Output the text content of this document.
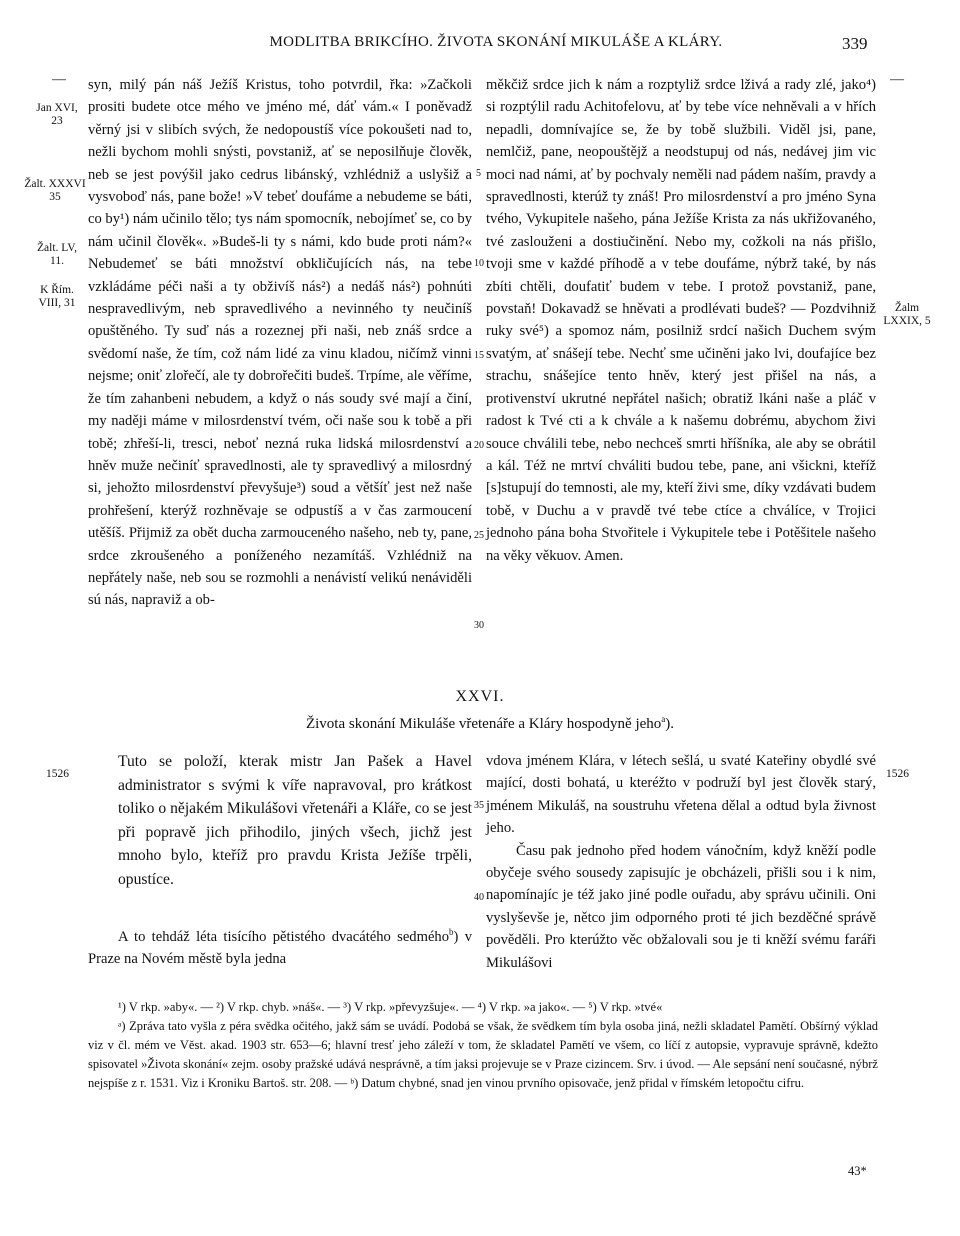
MODLITBA BRIKCÍHO. ŽIVOTA SKONÁNÍ MIKULÁŠE A KLÁRY.	339
—	—
Jan XVI, 23
Žalt. XXXVI 35
Žalt. LV, 11.
K Řím. VIII, 31	Žalm LXXIX, 5
5
10
15
20
25
30
35
40

syn, milý pán náš Ježíš Kristus, toho potvrdil, řka: »Začkoli prositi budete otce mého ve jméno mé, dáť vám.« I poněvadž věrný jsi v slibích svých, že nedopoustíš více pokoušeti nad to, nežli bychom mohli snýsti, povstaniž, ať se neposilňuje člověk, neb se jest povýšil jako cedrus libánský, vzhlédniž a uslyšiž a vysvoboď nás, pane bože! »V tebeť doufáme a nebudeme se báti, co by¹) nám učinilo tělo; tys nám spomocník, nebojímeť se, co by nám učinil člověk«. »Budeš-li ty s námi, kdo bude proti nám?« Nebudemeť se báti množství obkličujících nás, na tebe vzkládáme péči naši a ty obživíš nás²) a nedáš nás²) pohnúti nespravedlivým, neb spravedlivého a nevinného ty neučiníš opuštěného. Ty suď nás a rozeznej při naši, neb znáš srdce a svědomí naše, že tím, což nám lidé za vinu kladou, ničímž vinni nejsme; oniť zlořečí, ale ty dobrořečiti budeš. Trpíme, ale věříme, že tím zahanbeni nebudem, a když o nás soudy své mají a činí, my naději máme v milosrdenství tvém, oči naše sou k tobě a při tobě; zhřeší-li, tresci, neboť nezná ruka lidská milosrdenství a hněv muže nečiníť spravedlnosti, ale ty spravedlivý a milosrdný si, jehožto milosrdenství převyšuje³) soud a většíť jest než naše prohřešení, kterýž rozhněvaje se odpustíš a v čas zarmoucení utěšíš. Přijmiž za obět ducha zarmouceného našeho, neb ty, pane, srdce zkroušeného a poníženého nezamítáš. Vzhlédniž na nepřátely naše, neb sou se rozmohli a nenávistí velikú nenáviděli sú nás, napraviž a ob-

měkčiž srdce jich k nám a rozptyliž srdce lživá a rady zlé, jako⁴) si rozptýlil radu Achitofelovu, ať by tebe více nehněvali a v hřích nepadli, domnívajíce se, že by tobě službili. Viděl jsi, pane, nemlčiž, pane, neopouštějž a neodstupuj od nás, nedávej jim vic moci nad námi, ať by pochvaly neměli nad pádem naším, pravdy a spravedlnosti, kterúž ty znáš! Pro milosrdenství a pro jméno Syna tvého, Vykupitele našeho, pána Ježíše Krista za nás ukřižovaného, tvé zaslouženi a dostiučinění. Nebo my, cožkoli na nás přišlo, tvoji sme v každé příhodě a v tebe doufáme, nýbrž také, by nás zbíti chtěli, doufatiť budem v tebe. I protož povstaniž, pane, povstaň! Dokavadž se hněvati a prodlévati budeš? — Pozdvihniž ruky své⁵) a spomoz nám, posilniž srdcí našich Duchem svým svatým, ať snášejí tebe. Nechť sme učiněni jako lvi, doufajíce bez strachu, snášejíce tento hněv, který jest přišel na nás, a protivenství ukrutné nepřátel našich; obratiž lkáni naše a pláč v radost k Tvé cti a k chvále a k našemu dobrému, abychom živi souce chválili tebe, nebo nechceš smrti hříšníka, ale aby se obrátil a kál. Též ne mrtví chváliti budou tebe, pane, ani všickni, kteříž [s]stupují do temnosti, ale my, kteří živi sme, díky vzdávati budem tobě, v Duchu a v pravdě tvé tebe ctíce a chválíce, v Trojici jednoho pána boha Stvořitele i Vykupitele tebe i Potěšitele našeho na věky věkuov. Amen.

XXVI.
Života skonání Mikuláše vřetenáře a Kláry hospodyně jeho$^a$).
1526	1526

Tuto se položí, kterak mistr Jan Pašek a Havel administrator s svými k víře napravoval, pro krátkost toliko o nějakém Mikulášovi vřetenáři a Kláře, co se jest při popravě jich přihodilo, jiných všech, jichž jest mnoho bylo, kteříž pro pravdu Krista Ježíše trpěli, opustíce.

A to tehdáž léta tisícího pětistého dvacátého sedmého$^b$) v Praze na Novém městě byla jedna

vdova jménem Klára, v létech sešlá, u svaté Kateřiny obydlé své mající, dosti bohatá, u kteréžto v podruží byl jest člověk starý, jménem Mikuláš, na soustruhu vřetena dělal a odtud byla živnost jeho.

Času pak jednoho před hodem vánočním, když kněží podle obyčeje svého sousedy zapisujíc je obcházeli, přišli sou i k nim, napomínajíc je též jako jiné podle ouřadu, aby správu učinili. Oni vyslyševše je, nětco jim odporného proti té jich bezděčné správě pověděli. Pro kterúžto věc obžalovali sou je ti kněží svému faráři Mikulášovi

¹) V rkp. »aby«. — ²) V rkp. chyb. »náš«. — ³) V rkp. »převyzšuje«. — ⁴) V rkp. »a jako«. — ⁵) V rkp. »tvé«

ᵃ) Zpráva tato vyšla z péra svědka očitého, jakž sám se uvádí. Podobá se však, že svědkem tím byla osoba jiná, nežli skladatel Pamětí. Obšírný výklad viz v čl. mém ve Věst. akad. 1903 str. 653—6; hlavní tresť jeho záleží v tom, že skladatel Pamětí ve všem, co líčí z autopsie, vypravuje správně, kdežto spisovatel »Života skonání« zejm. osoby pražské udává nesprávně, a tím jaksi projevuje se v Praze cizincem. Srv. i úvod. — Ale sepsání není současné, nýbrž nejspíše z r. 1531. Viz i Kroniku Bartoš. str. 208. — ᵇ) Datum chybné, snad jen vinou prvního opisovače, jenž přidal v římském letopočtu cifru.

43*
